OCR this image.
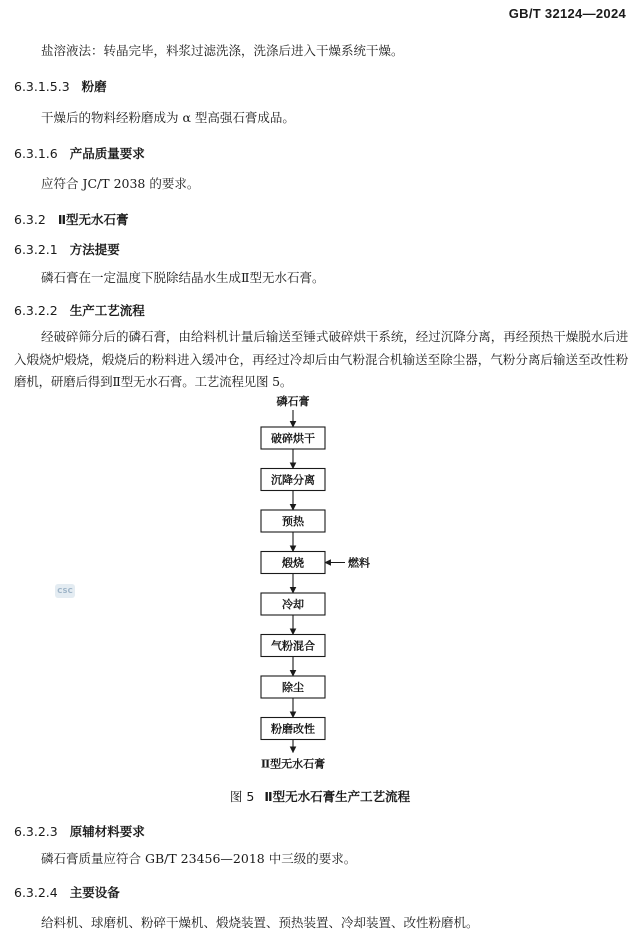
GB/T 32124—2024
盐溶液法：转晶完毕，料浆过滤洗涤，洗涤后进入干燥系统干燥。
6.3.1.5.3 粉磨
干燥后的物料经粉磨成为 α 型高强石膏成品。
6.3.1.6 产品质量要求
应符合 JC/T 2038 的要求。
6.3.2 Ⅱ型无水石膏
6.3.2.1 方法提要
磷石膏在一定温度下脱除结晶水生成Ⅱ型无水石膏。
6.3.2.2 生产工艺流程
经破碎筛分后的磷石膏，由给料机计量后输送至锤式破碎烘干系统，经过沉降分离，再经预热干燥脱水后进入煅烧炉煅烧，煅烧后的粉料进入缓冲仓，再经过冷却后由气粉混合机输送至除尘器，气粉分离后输送至改性粉磨机，研磨后得到Ⅱ型无水石膏。工艺流程见图 5。
磷石膏
破碎烘干
沉降分离
预热
煅烧
冷却
气粉混合
除尘
粉磨改性
燃料
Ⅱ型无水石膏
图 5 Ⅱ型无水石膏生产工艺流程
6.3.2.3 原辅材料要求
磷石膏质量应符合 GB/T 23456—2018 中三级的要求。
6.3.2.4 主要设备
给料机、球磨机、粉碎干燥机、煅烧装置、预热装置、冷却装置、改性粉磨机。
CSC
